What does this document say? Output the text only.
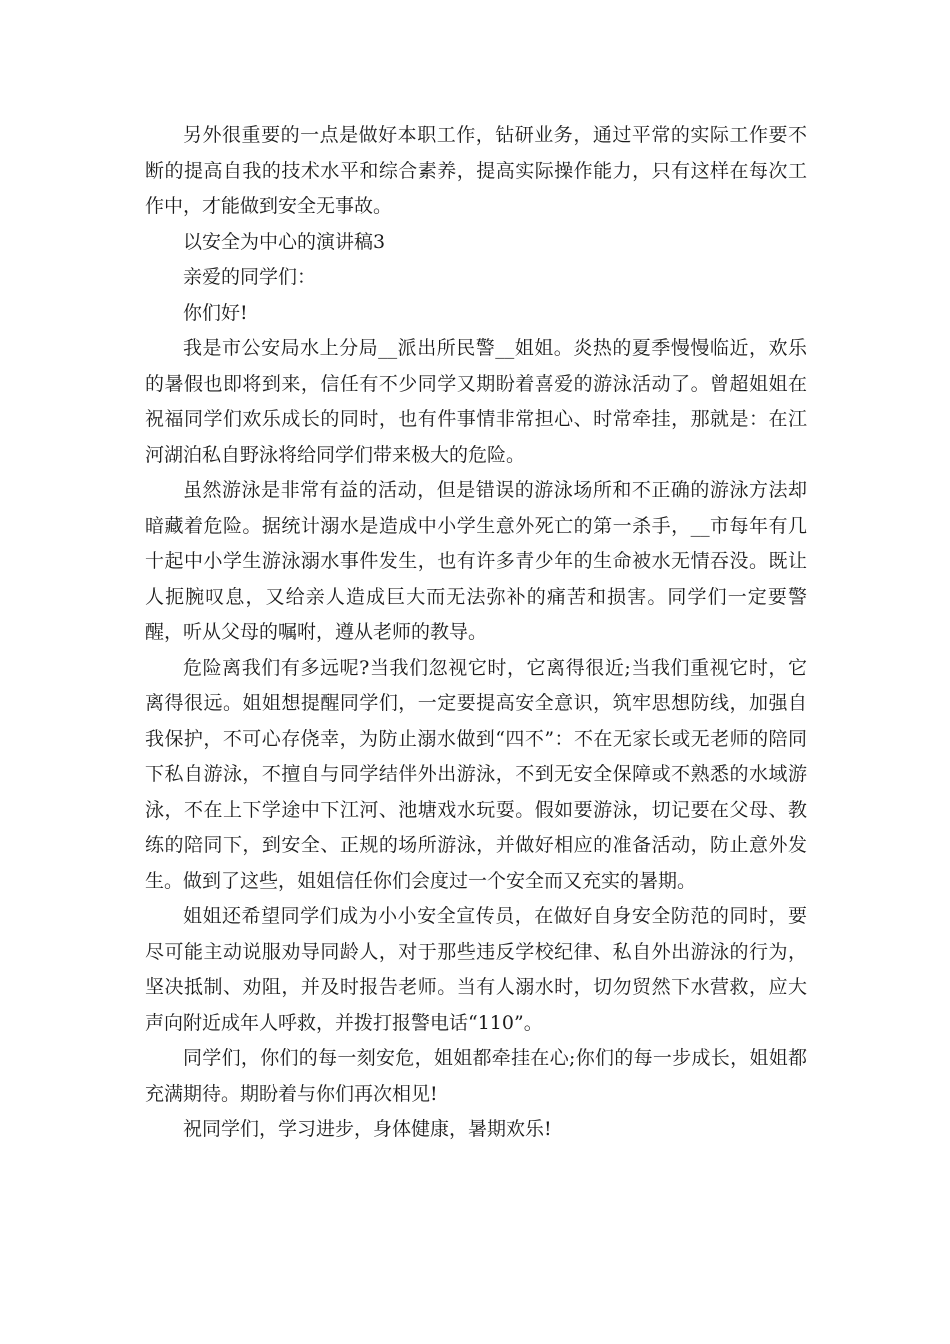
另外很重要的一点是做好本职工作，钻研业务，通过平常的实际工作要不断的提高自我的技术水平和综合素养，提高实际操作能力，只有这样在每次工作中，才能做到安全无事故。

以安全为中心的演讲稿3

亲爱的同学们：

你们好!

我是市公安局水上分局__派出所民警__姐姐。炎热的夏季慢慢临近，欢乐的暑假也即将到来，信任有不少同学又期盼着喜爱的游泳活动了。曾超姐姐在祝福同学们欢乐成长的同时，也有件事情非常担心、时常牵挂，那就是：在江河湖泊私自野泳将给同学们带来极大的危险。

虽然游泳是非常有益的活动，但是错误的游泳场所和不正确的游泳方法却暗藏着危险。据统计溺水是造成中小学生意外死亡的第一杀手，__市每年有几十起中小学生游泳溺水事件发生，也有许多青少年的生命被水无情吞没。既让人扼腕叹息，又给亲人造成巨大而无法弥补的痛苦和损害。同学们一定要警醒，听从父母的嘱咐，遵从老师的教导。

危险离我们有多远呢?当我们忽视它时，它离得很近;当我们重视它时，它离得很远。姐姐想提醒同学们，一定要提高安全意识，筑牢思想防线，加强自我保护，不可心存侥幸，为防止溺水做到“四不”：不在无家长或无老师的陪同下私自游泳，不擅自与同学结伴外出游泳，不到无安全保障或不熟悉的水域游泳，不在上下学途中下江河、池塘戏水玩耍。假如要游泳，切记要在父母、教练的陪同下，到安全、正规的场所游泳，并做好相应的准备活动，防止意外发生。做到了这些，姐姐信任你们会度过一个安全而又充实的暑期。

姐姐还希望同学们成为小小安全宣传员，在做好自身安全防范的同时，要尽可能主动说服劝导同龄人，对于那些违反学校纪律、私自外出游泳的行为，坚决抵制、劝阻，并及时报告老师。当有人溺水时，切勿贸然下水营救，应大声向附近成年人呼救，并拨打报警电话“110”。

同学们，你们的每一刻安危，姐姐都牵挂在心;你们的每一步成长，姐姐都充满期待。期盼着与你们再次相见!

祝同学们，学习进步，身体健康，暑期欢乐!
